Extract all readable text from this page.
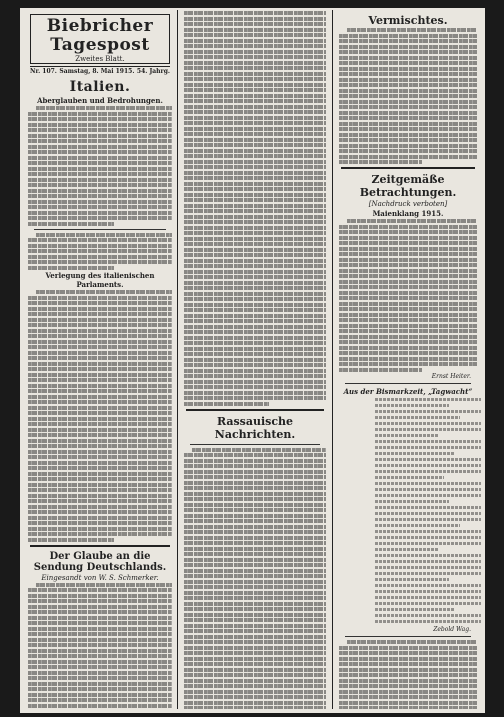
Biebricher Tagespost
Zweites Blatt.
Nr. 107. Samstag, 8. Mai 1915. 54. Jahrg.
Italien.
Aberglauben und Bedrohungen.
Verlegung des italienischen Parlaments.
Der Glaube an die Sendung Deutschlands.
Eingesandt von W. S. Schmerker.
Rassauische Nachrichten.
Vermischtes.
Zeitgemäße Betrachtungen.
[Nachdruck verboten]
Maienklang 1915.
Ernst Heiter.
Aus der Bismarkzeit, „Tagwacht“
Zebold Wag.
